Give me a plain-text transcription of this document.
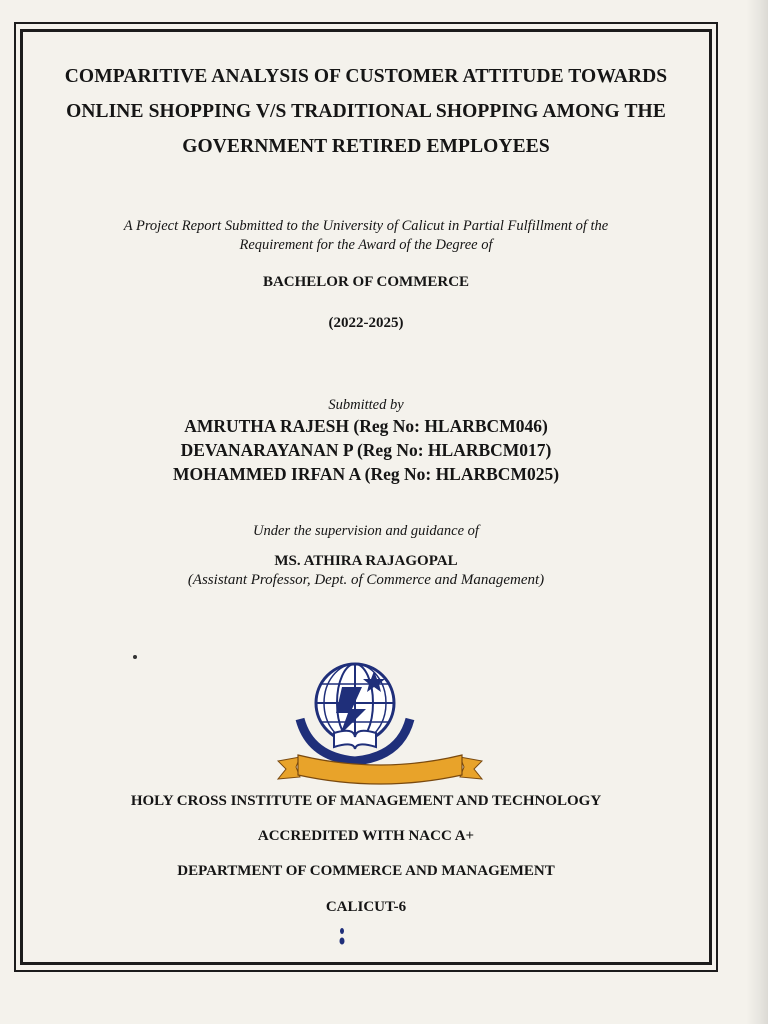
COMPARITIVE ANALYSIS OF CUSTOMER ATTITUDE TOWARDS
ONLINE SHOPPING V/S TRADITIONAL SHOPPING AMONG THE
GOVERNMENT RETIRED EMPLOYEES
A Project Report Submitted to the University of Calicut in Partial Fulfillment of the
Requirement for the Award of the Degree of
BACHELOR OF COMMERCE
(2022-2025)
Submitted by
AMRUTHA RAJESH (Reg No: HLARBCM046)
DEVANARAYANAN P (Reg No: HLARBCM017)
MOHAMMED IRFAN A (Reg No: HLARBCM025)
Under the supervision and guidance of
MS. ATHIRA RAJAGOPAL
(Assistant Professor, Dept. of Commerce and Management)
HOLY CROSS INSTITUTE OF MANAGEMENT AND TECHNOLOGY
ACCREDITED WITH NACC A+
DEPARTMENT OF COMMERCE AND MANAGEMENT
CALICUT-6
